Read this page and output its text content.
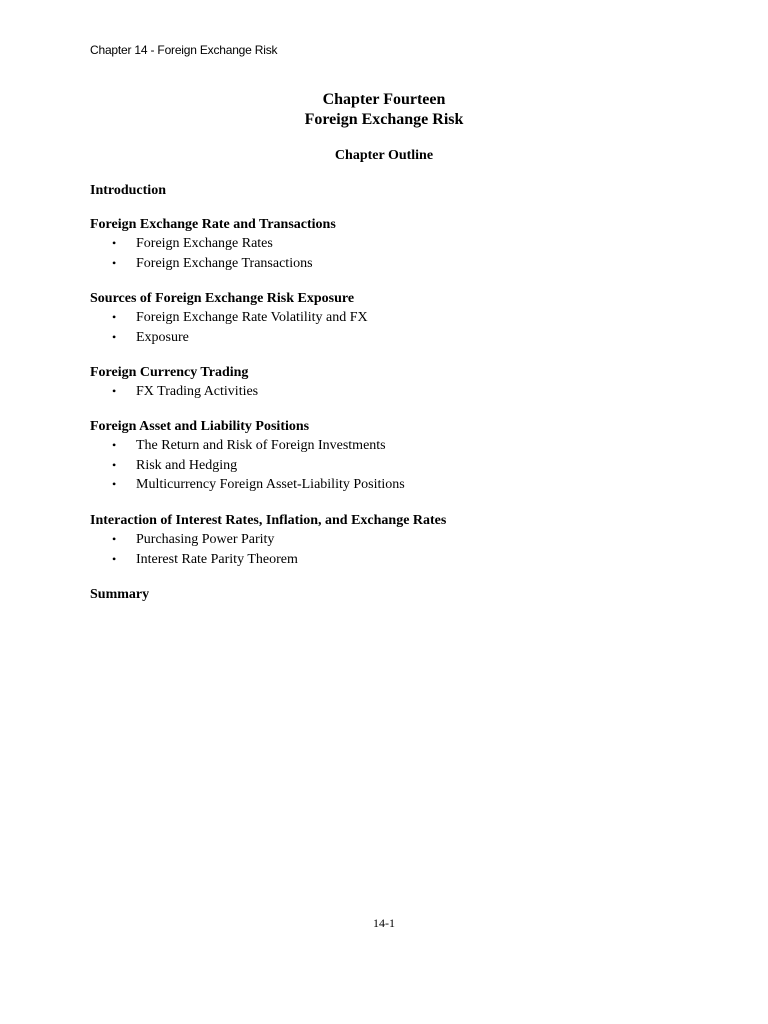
Chapter 14 - Foreign Exchange Risk
Chapter Fourteen
Foreign Exchange Risk
Chapter Outline
Introduction
Foreign Exchange Rate and Transactions
• Foreign Exchange Rates
• Foreign Exchange Transactions
Sources of Foreign Exchange Risk Exposure
• Foreign Exchange Rate Volatility and FX
• Exposure
Foreign Currency Trading
• FX Trading Activities
Foreign Asset and Liability Positions
• The Return and Risk of Foreign Investments
• Risk and Hedging
• Multicurrency Foreign Asset-Liability Positions
Interaction of Interest Rates, Inflation, and Exchange Rates
• Purchasing Power Parity
• Interest Rate Parity Theorem
Summary
14-1
